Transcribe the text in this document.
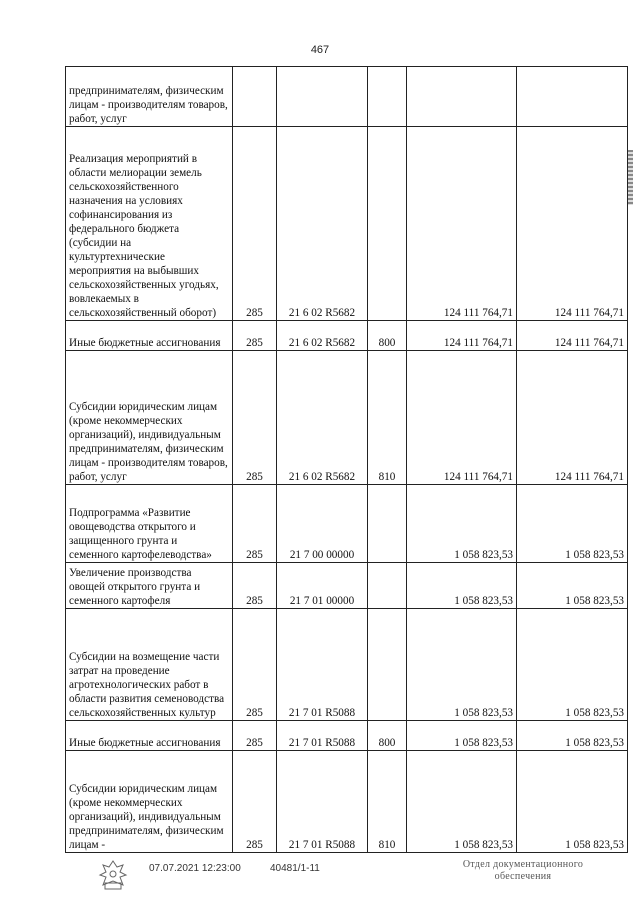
467
предпринимателям, физическим лицам - производителям товаров, работ, услуг					
Реализация мероприятий в области мелиорации земель сельскохозяйственного назначения на условиях софинансирования из федерального бюджета (субсидии на культуртехнические мероприятия на выбывших сельскохозяйственных угодьях, вовлекаемых в сельскохозяйственный оборот)	285	21 6 02 R5682		124 111 764,71	124 111 764,71
Иные бюджетные ассигнования	285	21 6 02 R5682	800	124 111 764,71	124 111 764,71
Субсидии юридическим лицам (кроме некоммерческих организаций), индивидуальным предпринимателям, физическим лицам - производителям товаров, работ, услуг	285	21 6 02 R5682	810	124 111 764,71	124 111 764,71
Подпрограмма «Развитие овощеводства открытого и защищенного грунта и семенного картофелеводства»	285	21 7 00 00000		1 058 823,53	1 058 823,53
Увеличение производства овощей открытого грунта и семенного картофеля	285	21 7 01 00000		1 058 823,53	1 058 823,53
Субсидии на возмещение части затрат на проведение агротехнологических работ в области развития семеноводства сельскохозяйственных культур	285	21 7 01 R5088		1 058 823,53	1 058 823,53
Иные бюджетные ассигнования	285	21 7 01 R5088	800	1 058 823,53	1 058 823,53
Субсидии юридическим лицам (кроме некоммерческих организаций), индивидуальным предпринимателям, физическим лицам -	285	21 7 01 R5088	810	1 058 823,53	1 058 823,53
07.07.2021 12:23:00	40481/1-11	Отдел документационного
обеспечения
